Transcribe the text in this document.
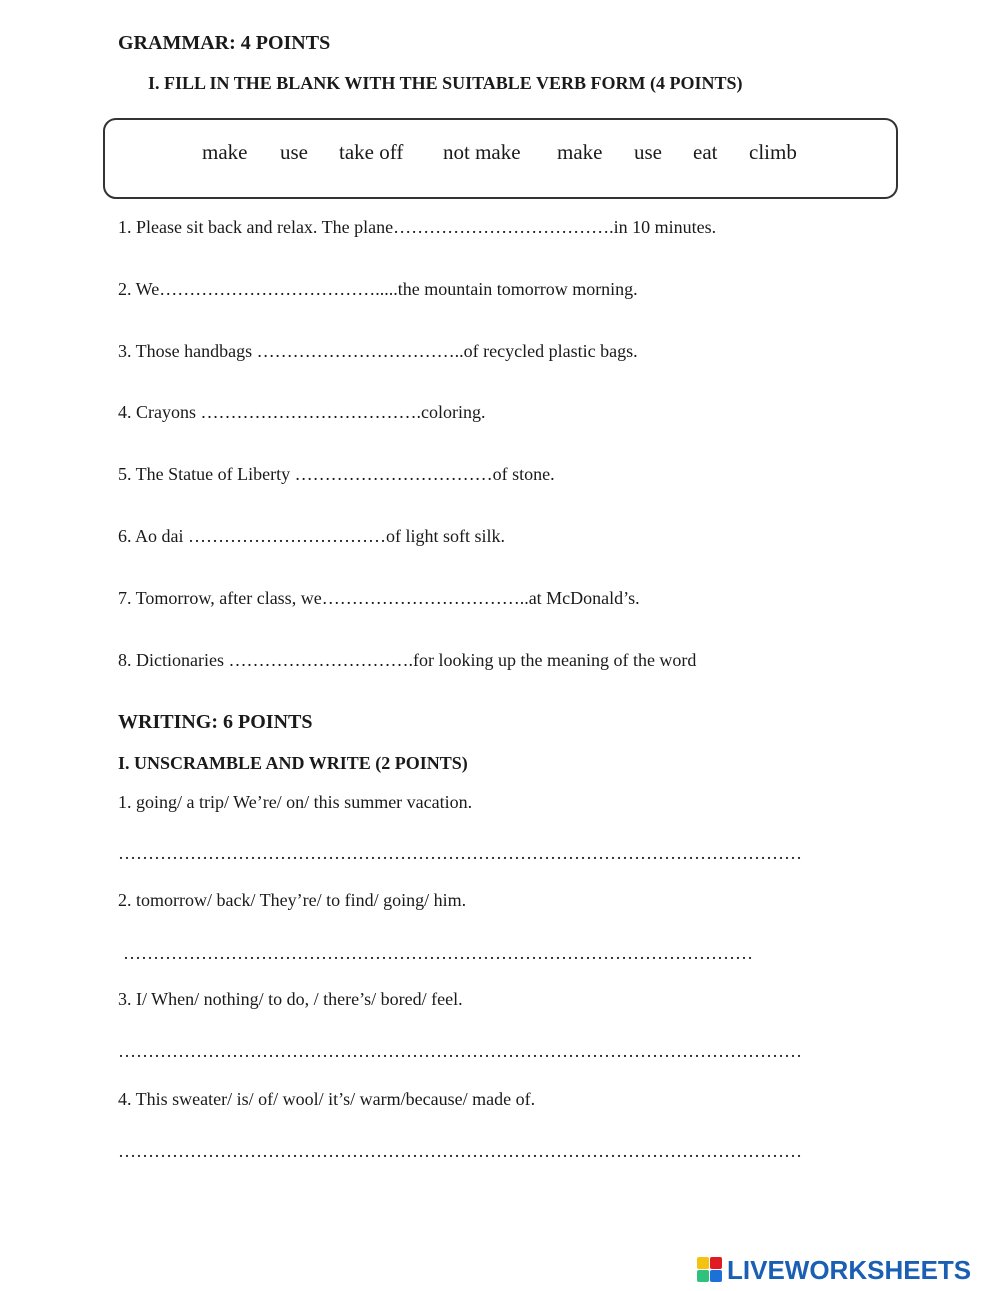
GRAMMAR: 4 POINTS
I. FILL IN THE BLANK WITH THE SUITABLE VERB FORM (4 POINTS)
make use take off not make make use eat climb
1. Please sit back and relax. The plane……………………………….in 10 minutes.
2. We……………………………….....the mountain tomorrow morning.
3. Those handbags ……………………………..of recycled plastic bags.
4. Crayons ……………………………….coloring.
5. The Statue of Liberty ……………………………of stone.
6. Ao dai ……………………………of light soft silk.
7. Tomorrow, after class, we……………………………..at McDonald’s.
8. Dictionaries ………………………….for looking up the meaning of the word
WRITING: 6 POINTS
I. UNSCRAMBLE AND WRITE (2 POINTS)
1. going/ a trip/ We’re/ on/ this summer vacation.
……………………………………………………………………………………………………
2. tomorrow/ back/ They’re/ to find/ going/ him.
……………………………………………………………………………………………
3. I/ When/ nothing/ to do, / there’s/ bored/ feel.
……………………………………………………………………………………………………
4. This sweater/ is/ of/ wool/ it’s/ warm/because/ made of.
……………………………………………………………………………………………………
LIVEWORKSHEETS
